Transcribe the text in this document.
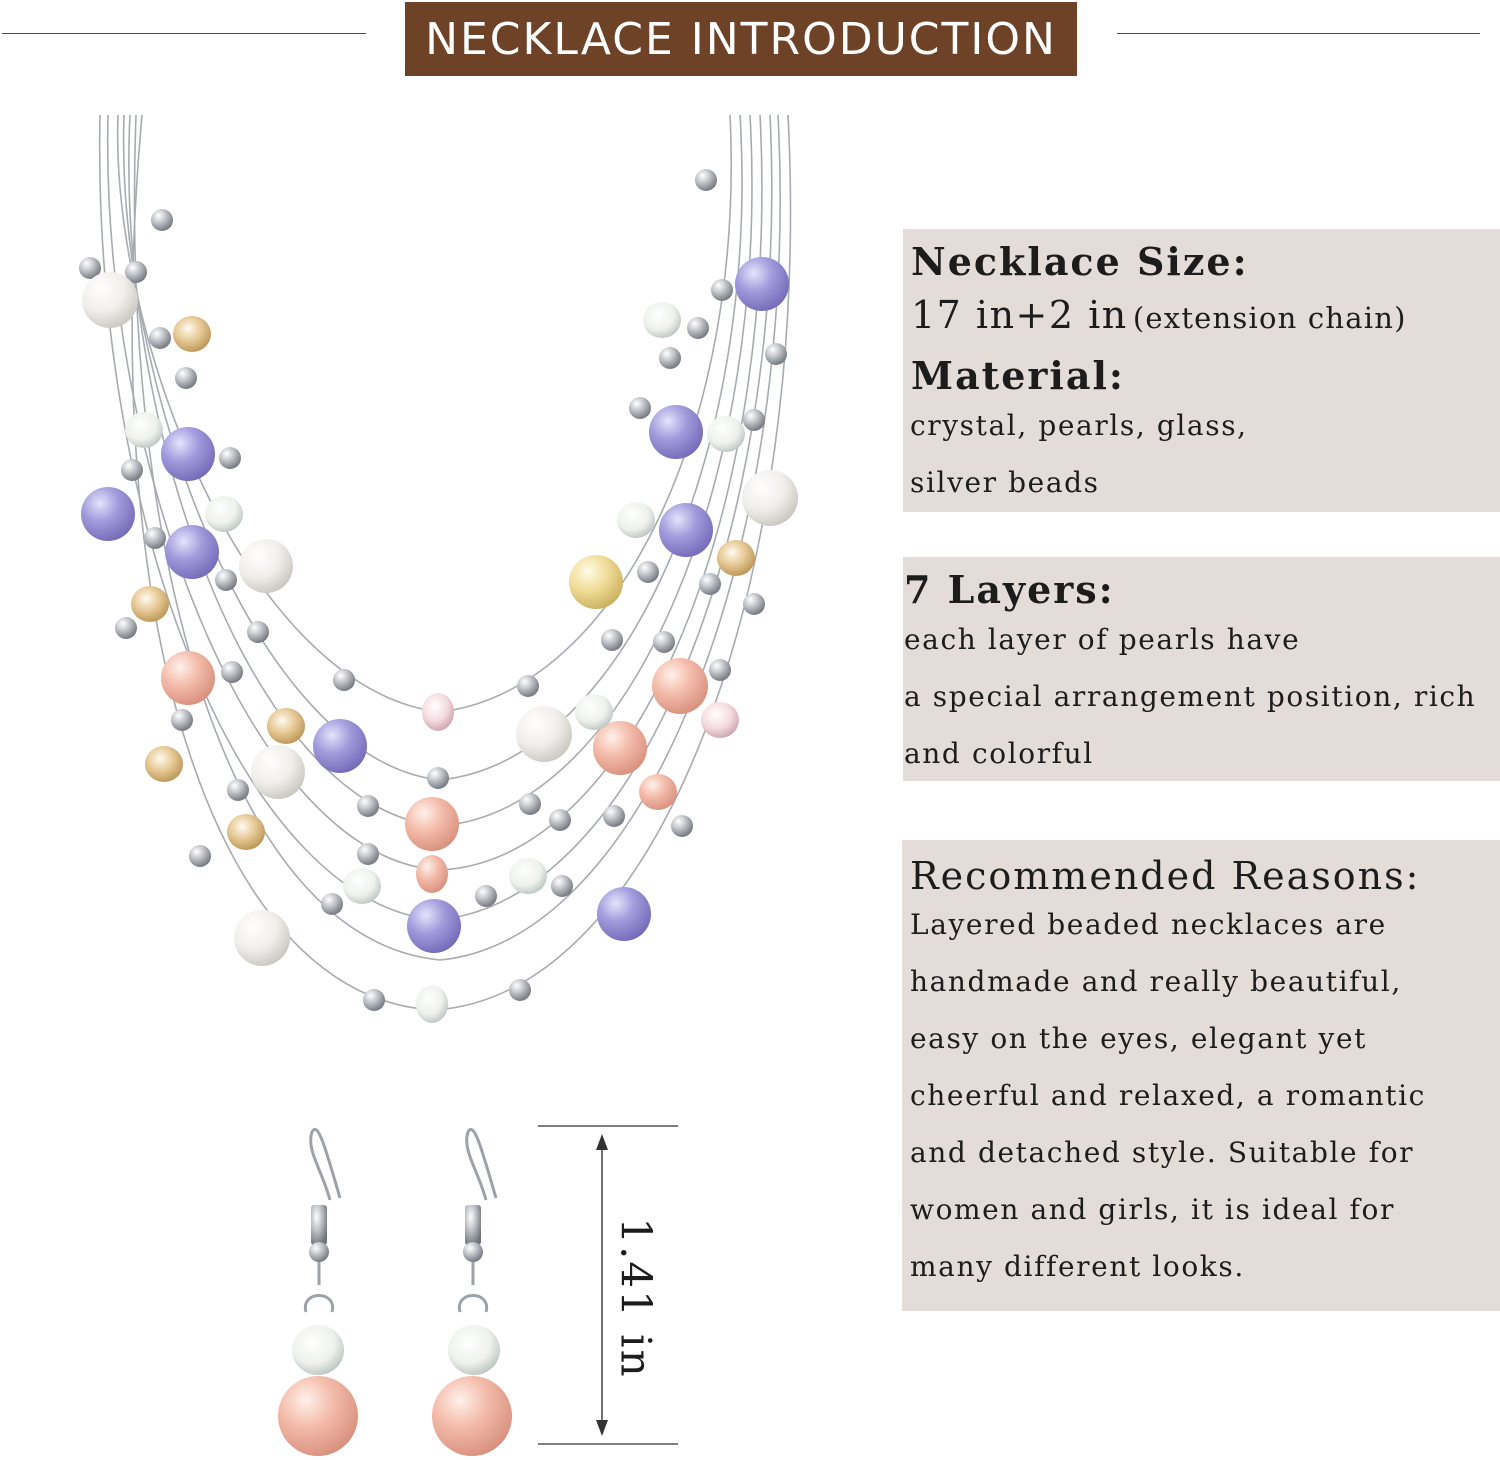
NECKLACE INTRODUCTION
1.41 in
Necklace Size:
17 in+2 in (extension chain)
Material:
crystal, pearls, glass,
silver beads
7 Layers:
each layer of pearls have
a special arrangement position, rich
and colorful
Recommended Reasons:
Layered beaded necklaces are
handmade and really beautiful,
easy on the eyes, elegant yet
cheerful and relaxed, a romantic
and detached style. Suitable for
women and girls, it is ideal for
many different looks.
